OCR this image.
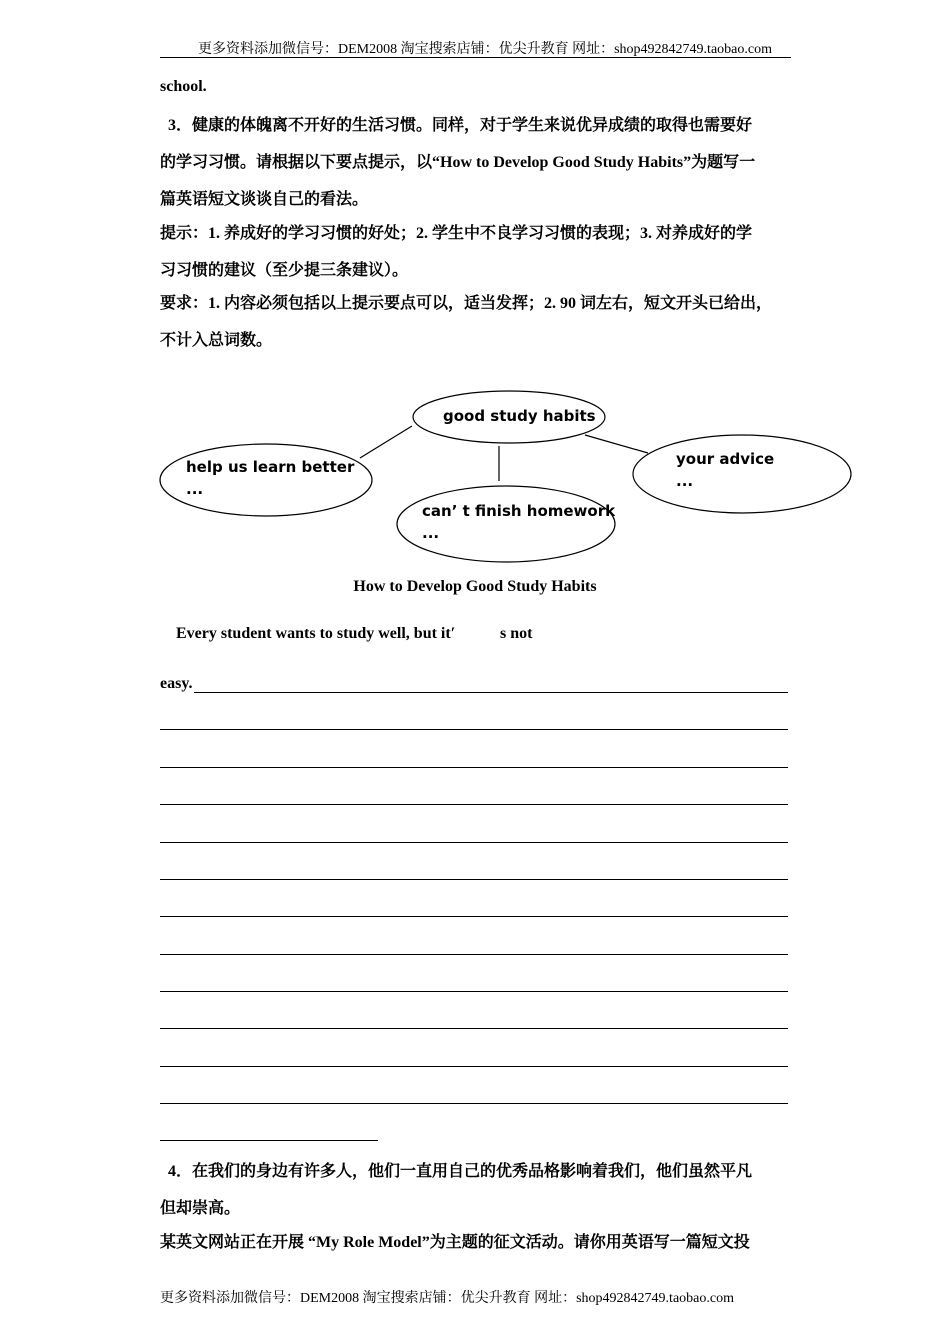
更多资料添加微信号：DEM2008 淘宝搜索店铺：优尖升教育 网址：shop492842749.taobao.com
school.
3．健康的体魄离不开好的生活习惯。同样，对于学生来说优异成绩的取得也需要好
的学习习惯。请根据以下要点提示，以“How to Develop Good Study Habits”为题写一
篇英语短文谈谈自己的看法。
提示：1. 养成好的学习习惯的好处；2. 学生中不良学习习惯的表现；3. 对养成好的学
习习惯的建议（至少提三条建议）。
要求：1. 内容必须包括以上提示要点可以，适当发挥；2. 90 词左右，短文开头已给出，
不计入总词数。
good study habits
help us learn better
...
can’ t finish homework
...
your advice
...
How to Develop Good Study Habits
Every student wants to study well, but it′	s not
easy.
4．在我们的身边有许多人，他们一直用自己的优秀品格影响着我们，他们虽然平凡
但却崇高。
某英文网站正在开展 “My Role Model”为主题的征文活动。请你用英语写一篇短文投
更多资料添加微信号：DEM2008 淘宝搜索店铺：优尖升教育 网址：shop492842749.taobao.com
